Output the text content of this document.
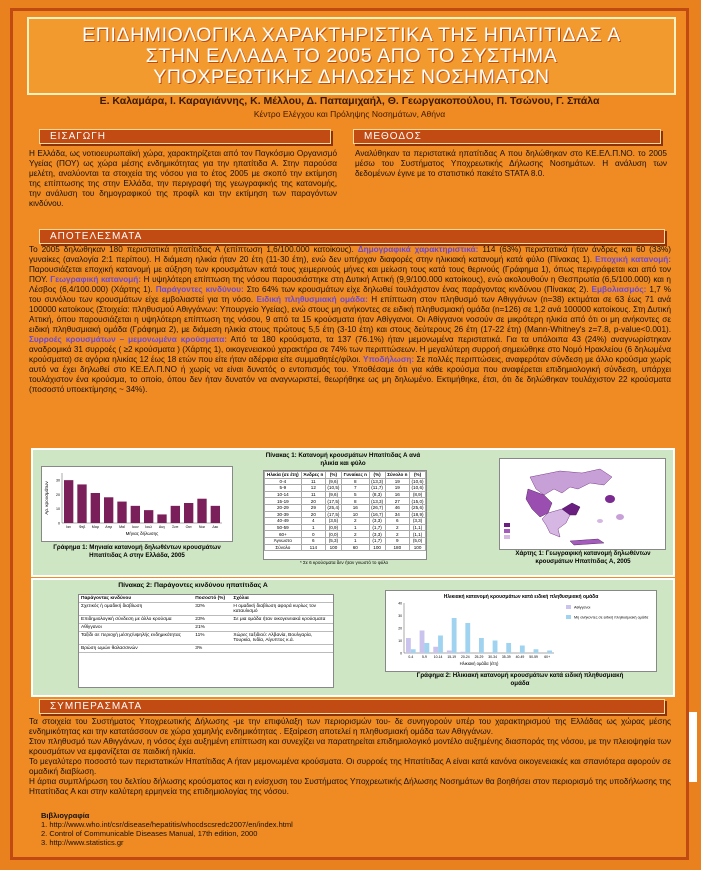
ΕΠΙΔΗΜΙΟΛΟΓΙΚΑ ΧΑΡΑΚΤΗΡΙΣΤΙΚΑ ΤΗΣ ΗΠΑΤΙΤΙΔΑΣ Α
ΣΤΗΝ ΕΛΛΑΔΑ ΤΟ 2005 ΑΠΟ ΤΟ ΣΥΣΤΗΜΑ
ΥΠΟΧΡΕΩΤΙΚΗΣ ΔΗΛΩΣΗΣ ΝΟΣΗΜΑΤΩΝ
Ε. Καλαμάρα, Ι. Καραγιάννης, Κ. Μέλλου, Δ. Παπαμιχαήλ, Θ. Γεωργακοπούλου, Π. Τσώνου, Γ. Σπάλα
Κέντρο Ελέγχου και Πρόληψης Νοσημάτων, Αθήνα
ΕΙΣΑΓΩΓΗ
Η Ελλάδα, ως νοτιοευρωπαϊκή χώρα, χαρακτηρίζεται από τον Παγκόσμιο Οργανισμό Υγείας (ΠΟΥ) ως χώρα μέσης ενδημικότητας για την ηπατίτιδα Α. Στην παρούσα μελέτη, αναλύονται τα στοιχεία της νόσου για το έτος 2005 με σκοπό την εκτίμηση της επίπτωσης της στην Ελλάδα, την περιγραφή της γεωγραφικής της κατανομής, την ανάλυση του δημογραφικού της προφίλ και την εκτίμηση των παραγόντων κινδύνου.
ΜΕΘΟΔΟΣ
Αναλύθηκαν τα περιστατικά ηπατίτιδας Α που δηλώθηκαν στο ΚΕ.ΕΛ.Π.ΝΟ. το 2005 μέσω του Συστήματος Υποχρεωτικής Δήλωσης Νοσημάτων. Η ανάλυση των δεδομένων έγινε με το στατιστικό πακέτο STATA 8.0.
ΑΠΟΤΕΛΕΣΜΑΤΑ
Το 2005 δηλώθηκαν 180 περιστατικά ηπατίτιδας Α (επίπτωση 1,6/100.000 κατοίκους). Δημογραφικά χαρακτηριστικά: 114 (63%) περιστατικά ήταν άνδρες και 60 (33%) γυναίκες (αναλογία 2:1 περίπου). Η διάμεση ηλικία ήταν 20 έτη (11-30 έτη), ενώ δεν υπήρχαν διαφορές στην ηλικιακή κατανομή κατά φύλο (Πίνακας 1). Εποχική κατανομή: Παρουσιάζεται εποχική κατανομή με αύξηση των κρουσμάτων κατά τους χειμερινούς μήνες και μείωση τους κατά τους θερινούς (Γράφημα 1), όπως περιγράφεται και από τον ΠΟΥ. Γεωγραφική κατανομή: Η υψηλότερη επίπτωση της νόσου παρουσιάστηκε στη Δυτική Αττική (9,9/100.000 κατοίκους), ενώ ακολουθούν η Θεσπρωτία (6,5/100.000) και η Λέσβος (6,4/100.000) (Χάρτης 1). Παράγοντες κινδύνου: Στο 64% των κρουσμάτων είχε δηλωθεί τουλάχιστον ένας παράγοντας κινδύνου (Πίνακας 2). Εμβολιασμός: 1,7 % του συνόλου των κρουσμάτων είχε εμβολιαστεί για τη νόσο. Ειδική πληθυσμιακή ομάδα: Η επίπτωση στον πληθυσμό των Αθιγγάνων (n=38) εκτιμάται σε 63 έως 71 ανά 100000 κατοίκους (Στοιχεία: πληθυσμού Αθιγγάνων: Υπουργείο Υγείας), ενώ στους μη ανήκοντες σε ειδική πληθυσμιακή ομάδα (n=126) σε 1,2 ανά 100000 κατοίκους. Στη Δυτική Αττική, όπου παρουσιάζεται η υψηλότερη επίπτωση της νόσου, 9 από τα 15 κρούσματα ήταν Αθίγγανοι. Οι Αθίγγανοι νοσούν σε μικρότερη ηλικία από ότι οι μη ανήκοντες σε ειδική πληθυσμιακή ομάδα (Γράφημα 2), με διάμεση ηλικία στους πρώτους 5,5 έτη (3-10 έτη) και στους δεύτερους 26 έτη (17-22 έτη) (Mann-Whitney's z=7.8, p-value<0.001). Συρροές κρουσμάτων – μεμονωμένα κρούσματα: Από τα 180 κρούσματα, τα 137 (76.1%) ήταν μεμονωμένα περιστατικά. Για τα υπόλοιπα 43 (24%) αναγνωρίστηκαν αναδρομικά 31 συρροές ( ≥2 κρούσματα ) (Χάρτης 1), οικογενειακού χαρακτήρα σε 74% των περιπτώσεων. Η μεγαλύτερη συρροή σημειώθηκε στο Νομό Ηρακλείου (6 δηλωμένα κρούσματα) σε αγόρια ηλικίας 12 έως 18 ετών που είτε ήταν αδέρφια είτε συμμαθητές/φίλοι. Υποδήλωση: Σε πολλές περιπτώσεις, αναφερόταν σύνδεση με άλλο κρούσμα χωρίς αυτό να έχει δηλωθεί στο ΚΕ.ΕΛ.Π.ΝΟ ή χωρίς να είναι δυνατός ο εντοπισμός του. Υποθέσαμε ότι για κάθε κρούσμα που αναφέρεται επιδημιολογική σύνδεση, υπάρχει τουλάχιστον ένα κρούσμα, το οποίο, όπου δεν ήταν δυνατόν να αναγνωριστεί, θεωρήθηκε ως μη δηλωμένο. Εκτιμήθηκε, έτσι, ότι δε δηλώθηκαν τουλάχιστον 22 κρούσματα (ποσοστό υποεκτίμησης ~ 34%).
Αρ. κρουσμάτων
Ιαν Φεβ Μαρ Απρ Μαϊ Ιουν Ιουλ Αυγ Σεπ Οκτ Νοε Δεκ
0
10
20
30
Μήνας δήλωσης
Γράφημα 1: Μηνιαία κατανομή δηλωθέντων κρουσμάτων Ηπατίτιδας Α στην Ελλάδα, 2005
Πίνακας 1: Κατανομή κρουσμάτων Ηπατίτιδας Α ανά ηλικία και φύλο
Ηλικία (σε έτη)	Άνδρες n	(%)	Γυναίκες n	(%)	Σύνολο n	(%)
0-4	11	(9,6)	8	(13,3)	19	(10,6)
5-9	12	(10,5)	7	(11,7)	19	(10,6)
10-14	11	(9,6)	5	(8,3)	16	(8,9)
15-19	20	(17,5)	8	(13,3)	27	(15,0)
20-29	29	(25,4)	16	(26,7)	46	(25,6)
30-39	20	(17,5)	10	(16,7)	34	(18,9)
40-49	4	(3,5)	2	(3,3)	6	(3,3)
50-59	1	(0,9)	1	(1,7)	2	(1,1)
60+	0	(0,0)	2	(3,3)	2	(1,1)
Άγνωστο	6	(5,3)	1	(1,7)	9	(5,0)
Σύνολο	114	100	60	100	180	100
* Σε 6 κρούσματα δεν ήταν γνωστό το φύλο
Χάρτης 1: Γεωγραφική κατανομή δηλωθέντων κρουσμάτων Ηπατίτιδας Α, 2005
Πίνακας 2: Παράγοντες κινδύνου ηπατίτιδας Α
Παράγοντας κινδύνου	Ποσοστό (%)	Σχόλια
Σχετικός ή ομαδική διαβίωση	32%	Η ομαδική διαβίωση αφορά κυρίως τον καταυλισμό
Επιδημιολογική σύνδεση με άλλο κρούσμα	23%	Σε μια ομάδα ήταν οικογενειακά κρούσματα
Αθίγγανοι	21%	
Ταξίδι σε περιοχή μέσης/υψηλής ενδημικότητας	11%	Χώρες ταξιδιού: Αλβανία, Βουλγαρία, Τουρκία, Ινδία, Αίγυπτος κ.ά.
Βρώση ωμών θαλασσινών	3%	
Ηλικιακή κατανομή κρουσμάτων κατά ειδική πληθυσμιακή ομάδα
Αθίγγανοι
Μη ανήκοντες σε ειδική πληθυσμιακή ομάδα
0-4	5-9 10-14 15-19 20-24 25-29 30-34 35-39 40-49 50-59 60+
0
10
20
30
40
Ηλικιακή ομάδα (έτη)
Γράφημα 2: Ηλικιακή κατανομή κρουσμάτων κατά ειδική πληθυσμιακή ομάδα
ΣΥΜΠΕΡΑΣΜΑΤΑ
Τα στοιχεία του Συστήματος Υποχρεωτικής Δήλωσης -με την επιφύλαξη των περιορισμών του- δε συνηγορούν υπέρ του χαρακτηρισμού της Ελλάδας ως χώρας μέσης ενδημικότητας και την κατατάσσουν σε χώρα χαμηλής ενδημικότητας . Εξαίρεση αποτελεί η πληθυσμιακή ομάδα των Αθιγγάνων.
Στον πληθυσμό των Αθιγγάνων, η νόσος έχει αυξημένη επίπτωση και συνεχίζει να παρατηρείται επιδημιολογικό μοντέλο αυξημένης διασποράς της νόσου, με την πλειοψηφία των κρουσμάτων να εμφανίζεται σε παιδική ηλικία.
Το μεγαλύτερο ποσοστό των περιστατικών Ηπατίτιδας Α ήταν μεμονωμένα κρούσματα. Οι συρροές της Ηπατίτιδας Α είναι κατά κανόνα οικογενειακές και σπανιότερα αφορούν σε ομαδική διαβίωση.
Η άρτια συμπλήρωση του δελτίου δήλωσης κρούσματος και η ενίσχυση του Συστήματος Υποχρεωτικής Δήλωσης Νοσημάτων θα βοηθήσει στον περιορισμό της υποδήλωσης της Ηπατίτιδας Α και στην καλύτερη ερμηνεία της επιδημιολογίας της νόσου.
Βιβλιογραφία
1. http://www.who.int/csr/disease/hepatitis/whocdscsredc2007/en/index.html
2. Control of Communicable Diseases Manual, 17th edition, 2000
3. http://www.statistics.gr
